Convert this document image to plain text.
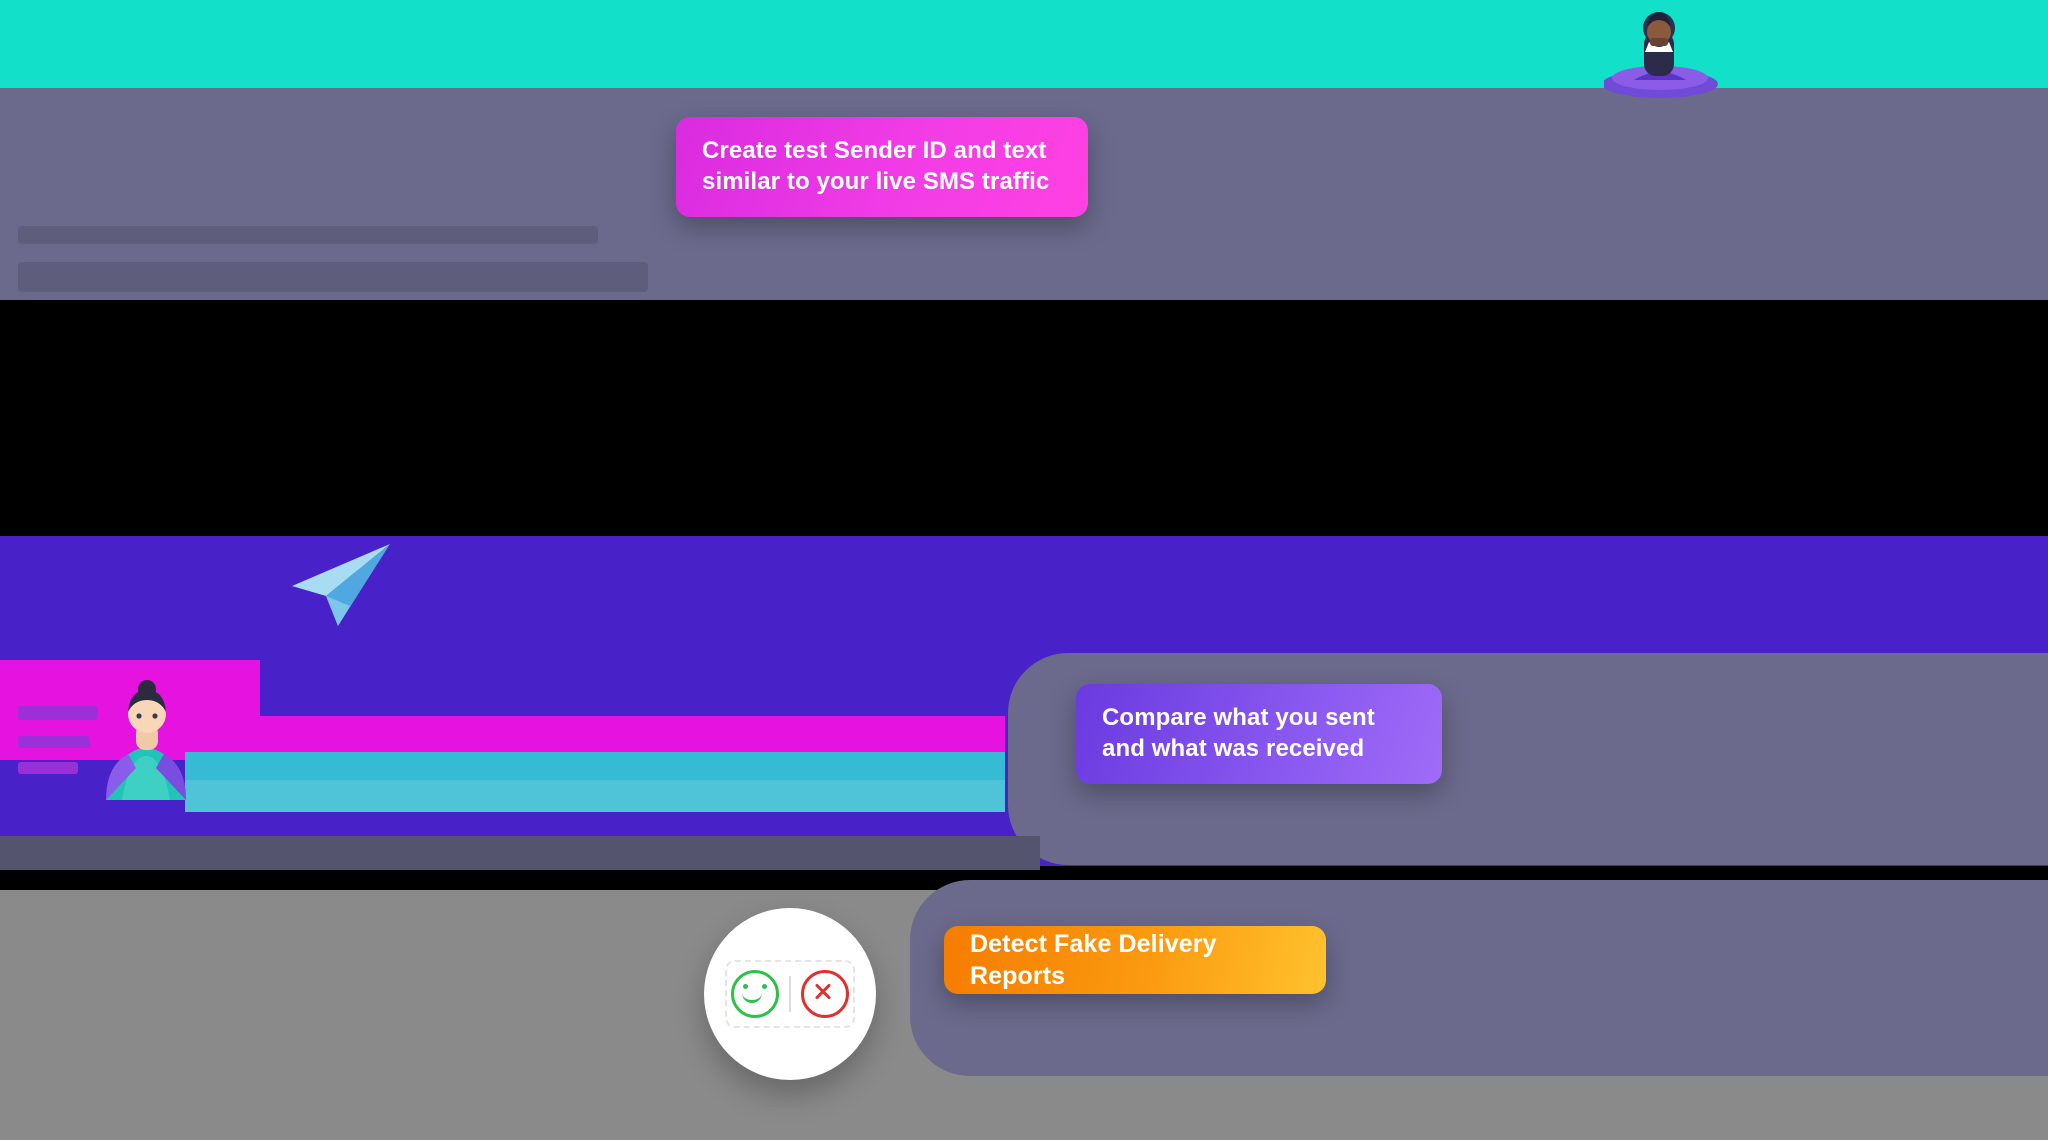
Create test Sender ID and text
similar to your live SMS traffic
Compare what you sent
and what was received
Detect Fake Delivery Reports
